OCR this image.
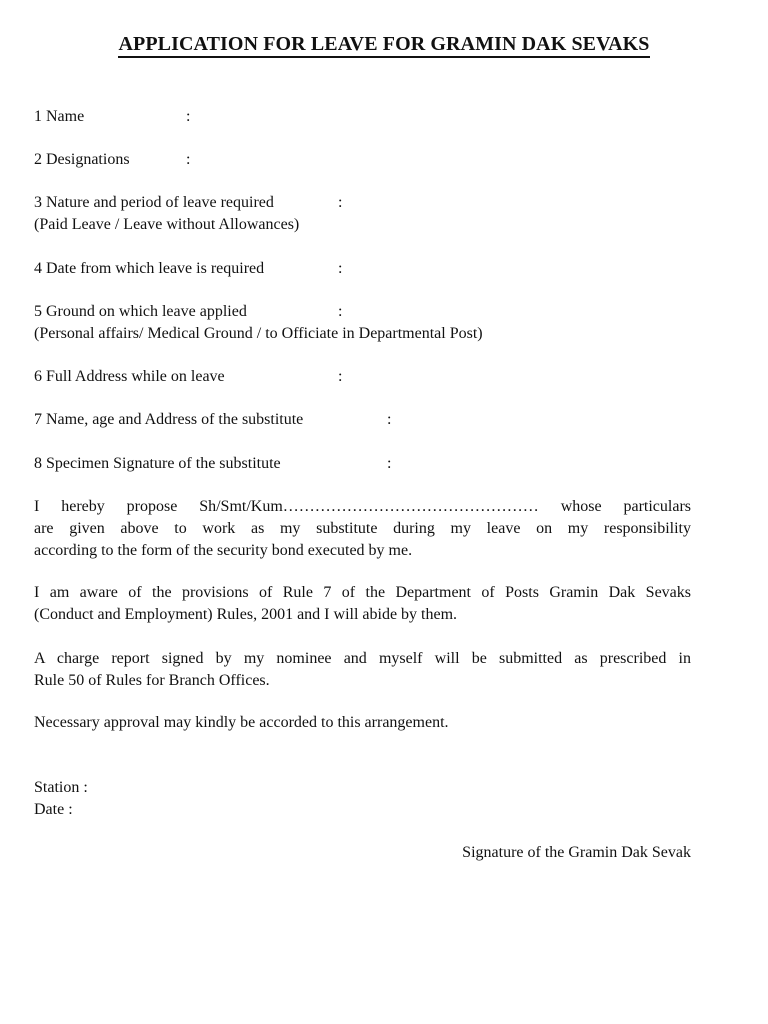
APPLICATION FOR LEAVE FOR GRAMIN DAK SEVAKS
1 Name	:
2 Designations	:
3 Nature and period of leave required	:
(Paid Leave / Leave without Allowances)
4 Date from which leave is required	:
5 Ground on which leave applied	:
(Personal affairs/ Medical Ground / to Officiate in Departmental Post)
6 Full Address while on leave	:
7 Name, age and Address of the substitute	:
8 Specimen Signature of the substitute	:
I hereby propose Sh/Smt/Kum………………………………………… whose particulars
are given above to work as my substitute during my leave on my responsibility
according to the form of the security bond executed by me.
I am aware of the provisions of Rule 7 of the Department of Posts Gramin Dak Sevaks
(Conduct and Employment) Rules, 2001 and I will abide by them.
A charge report signed by my nominee and myself will be submitted as prescribed in
Rule 50 of Rules for Branch Offices.
Necessary approval may kindly be accorded to this arrangement.
Station :
Date :
Signature of the Gramin Dak Sevak
